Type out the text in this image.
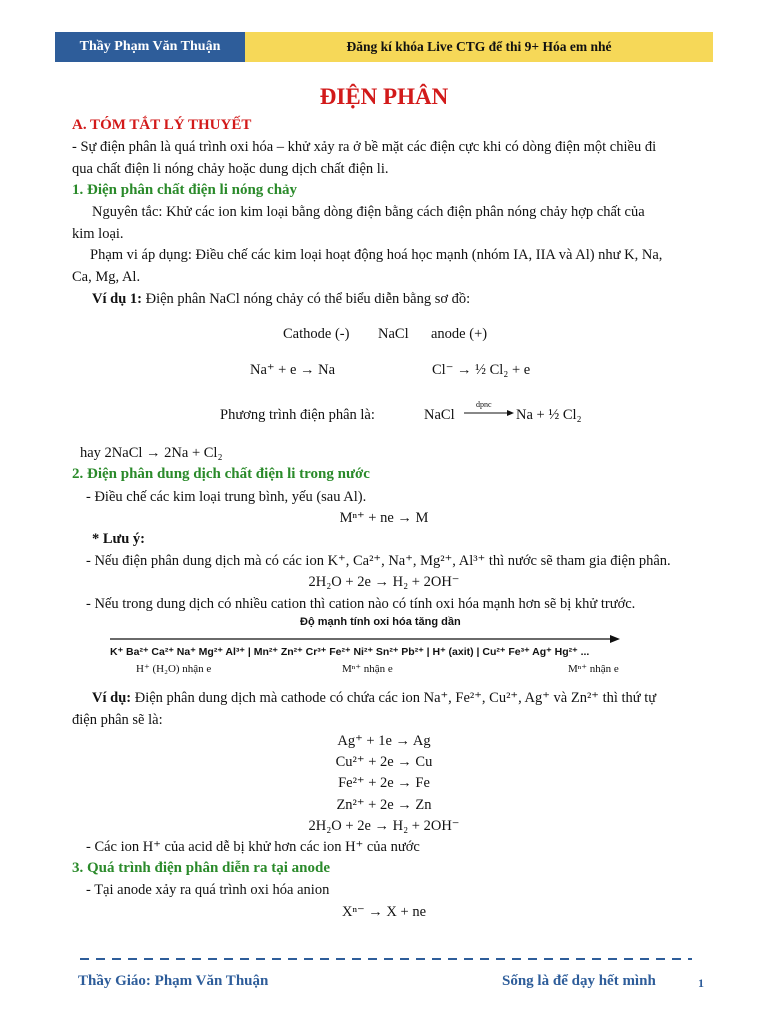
Thầy Phạm Văn Thuận	Đăng kí khóa Live CTG để thi 9+ Hóa em nhé
ĐIỆN PHÂN
A. TÓM TẮT LÝ THUYẾT
- Sự điện phân là quá trình oxi hóa – khử xảy ra ở bề mặt các điện cực khi có dòng điện một chiều đi
qua chất điện li nóng chảy hoặc dung dịch chất điện li.
1. Điện phân chất điện li nóng chảy
Nguyên tắc: Khử các ion kim loại bằng dòng điện bằng cách điện phân nóng chảy hợp chất của
kim loại.
Phạm vi áp dụng: Điều chế các kim loại hoạt động hoá học mạnh (nhóm IA, IIA và Al) như K, Na,
Ca, Mg, Al.
Ví dụ 1: Điện phân NaCl nóng chảy có thể biểu diễn bằng sơ đồ:
Cathode (-) NaCl anode (+)
Na⁺ + e → Na	Cl⁻ → ½ Cl₂ + e
Phương trình điện phân là:	NaCl
dpnc
→ Na + ½ Cl₂
hay 2NaCl → 2Na + Cl₂
2. Điện phân dung dịch chất điện li trong nước
- Điều chế các kim loại trung bình, yếu (sau Al).
Mⁿ⁺ + ne → M
* Lưu ý:
- Nếu điện phân dung dịch mà có các ion K⁺, Ca²⁺, Na⁺, Mg²⁺, Al³⁺ thì nước sẽ tham gia điện phân.
2H₂O + 2e → H₂ + 2OH⁻
- Nếu trong dung dịch có nhiều cation thì cation nào có tính oxi hóa mạnh hơn sẽ bị khử trước.
Độ mạnh tính oxi hóa tăng dần
K⁺ Ba²⁺ Ca²⁺ Na⁺ Mg²⁺ Al³⁺ | Mn²⁺ Zn²⁺ Cr³⁺ Fe²⁺ Ni²⁺ Sn²⁺ Pb²⁺ | H⁺ (axit) | Cu²⁺ Fe³⁺ Ag⁺ Hg²⁺ ...
H⁺ (H₂O) nhận e	Mⁿ⁺ nhận e	Mⁿ⁺ nhận e
Ví dụ: Điện phân dung dịch mà cathode có chứa các ion Na⁺, Fe²⁺, Cu²⁺, Ag⁺ và Zn²⁺ thì thứ tự
điện phân sẽ là:
Ag⁺ + 1e → Ag
Cu²⁺ + 2e → Cu
Fe²⁺ + 2e → Fe
Zn²⁺ + 2e → Zn
2H₂O + 2e → H₂ + 2OH⁻
- Các ion H⁺ của acid dễ bị khử hơn các ion H⁺ của nước
3. Quá trình điện phân diễn ra tại anode
- Tại anode xảy ra quá trình oxi hóa anion
Xⁿ⁻ → X + ne
Thầy Giáo: Phạm Văn Thuận	Sống là để dạy hết mình	1
